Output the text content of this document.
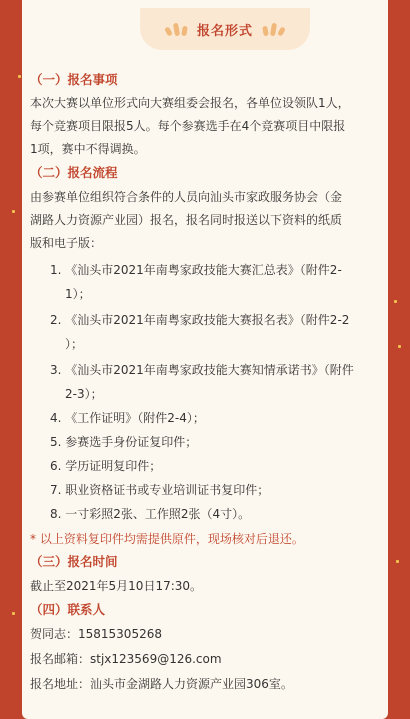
报名形式
（一）报名事项
本次大赛以单位形式向大赛组委会报名，各单位设领队1人，
每个竞赛项目限报5人。每个参赛选手在4个竞赛项目中限报
1项，赛中不得调换。
（二）报名流程
由参赛单位组织符合条件的人员向汕头市家政服务协会（金
湖路人力资源产业园）报名，报名同时报送以下资料的纸质
版和电子版：
1. 《汕头市2021年南粤家政技能大赛汇总表》（附件2-
1）；
2. 《汕头市2021年南粤家政技能大赛报名表》（附件2-2
）；
3. 《汕头市2021年南粤家政技能大赛知情承诺书》（附件
2-3）；
4. 《工作证明》（附件2-4）；
5. 参赛选手身份证复印件；
6. 学历证明复印件；
7. 职业资格证书或专业培训证书复印件；
8. 一寸彩照2张、工作照2张（4寸）。
* 以上资料复印件均需提供原件，现场核对后退还。
（三）报名时间
截止至2021年5月10日17:30。
（四）联系人
贺同志：15815305268
报名邮箱：stjx123569@126.com
报名地址：汕头市金湖路人力资源产业园306室。
